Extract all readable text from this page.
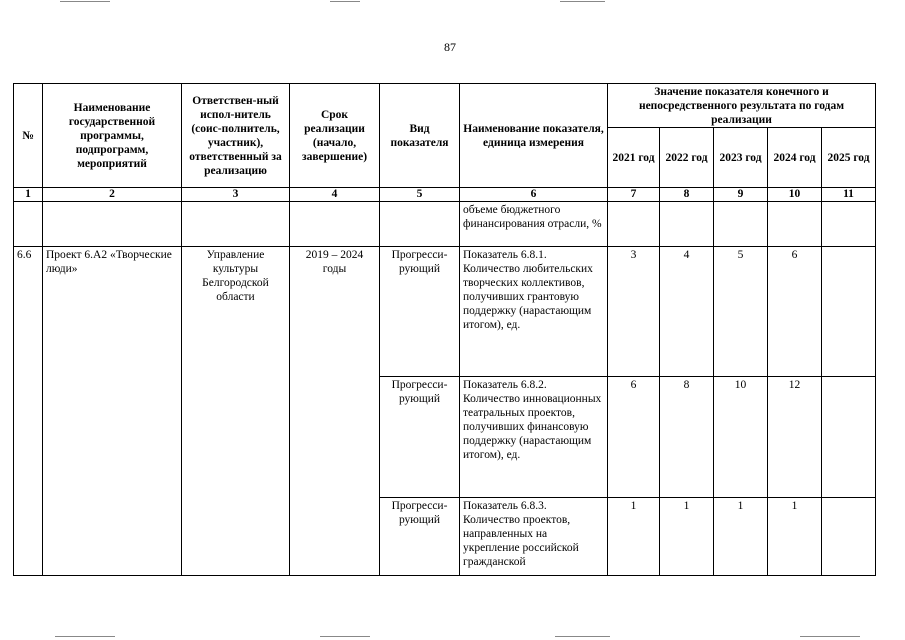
87
№	Наименование государственной программы, подпрограмм, мероприятий	Ответствен-ный испол-нитель (соис-полнитель, участник), ответственный за реализацию	Срок реализации (начало, завершение)	Вид показателя	Наименование показателя, единица измерения	Значение показателя конечного и непосредственного результата по годам реализации				
						2021 год	2022 год	2023 год	2024 год	2025 год
1	2	3	4	5	6	7	8	9	10	11
					объеме бюджетного финансирования отрасли, %					
6.6	Проект 6.А2 «Творческие люди»	Управление культуры Белгородской области	2019 – 2024 годы	Прогресси-рующий	Показатель 6.8.1. Количество любительских творческих коллективов, получивших грантовую поддержку (нарастающим итогом), ед.	3	4	5	6	
				Прогресси-рующий	Показатель 6.8.2. Количество инновационных театральных проектов, получивших финансовую поддержку (нарастающим итогом), ед.	6	8	10	12	
				Прогресси-рующий	Показатель 6.8.3. Количество проектов, направленных на укрепление российской гражданской	1	1	1	1	
